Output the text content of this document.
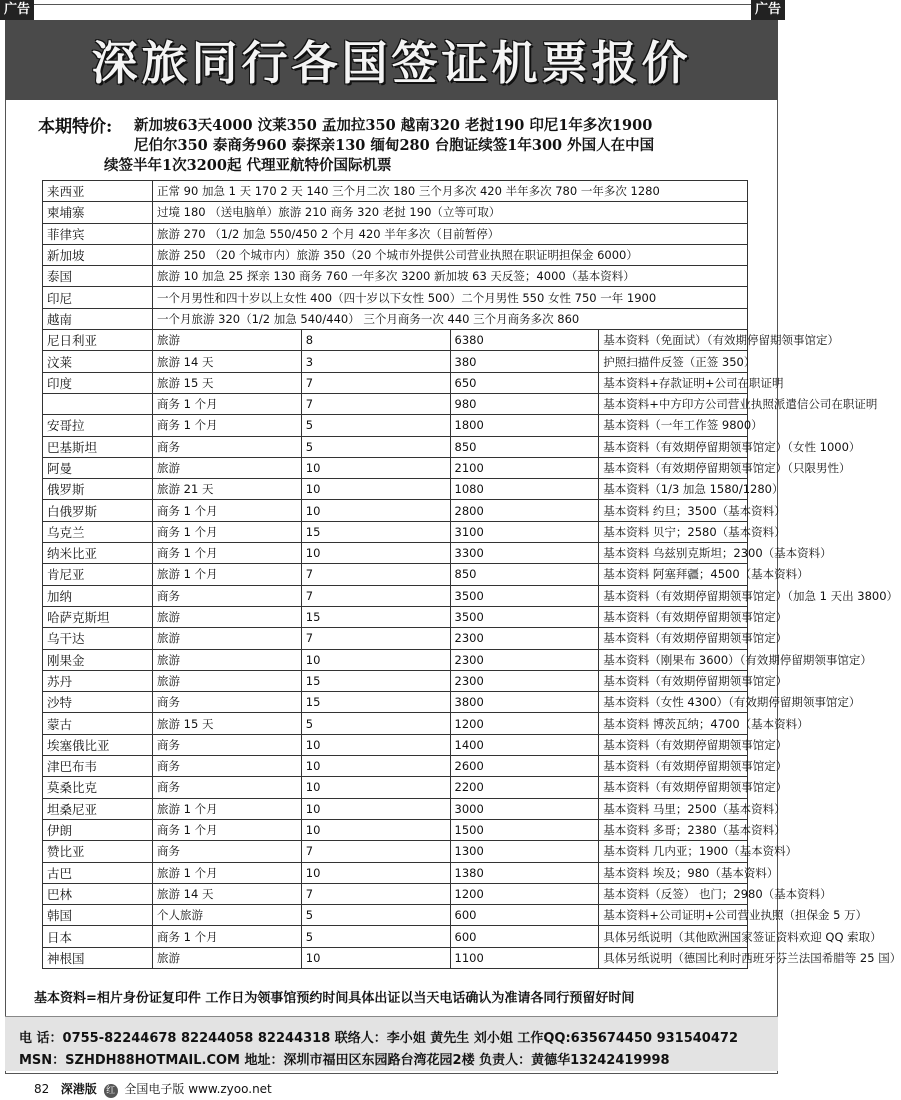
广告	广告
深旅同行各国签证机票报价
本期特价: 新加坡63天4000 汶莱350 孟加拉350 越南320 老挝190 印尼1年多次1900
尼伯尔350 泰商务960 泰探亲130 缅甸280 台胞证续签1年300 外国人在中国
续签半年1次3200起 代理亚航特价国际机票
来西亚	正常 90 加急 1 天 170 2 天 140 三个月二次 180 三个月多次 420 半年多次 780 一年多次 1280			
柬埔寨	过境 180 （送电脑单）旅游 210 商务 320 老挝 190（立等可取）			
菲律宾	旅游 270 （1/2 加急 550/450 2 个月 420 半年多次（目前暂停）			
新加坡	旅游 250 （20 个城市内）旅游 350（20 个城市外提供公司营业执照在职证明担保金 6000）			
泰国	旅游 10 加急 25 探亲 130 商务 760 一年多次 3200 新加坡 63 天反签；4000（基本资料）			
印尼	一个月男性和四十岁以上女性 400（四十岁以下女性 500）二个月男性 550 女性 750 一年 1900			
越南	一个月旅游 320（1/2 加急 540/440） 三个月商务一次 440 三个月商务多次 860			
尼日利亚	旅游	8	6380	基本资料（免面试）（有效期停留期领事馆定）
汶莱	旅游 14 天	3	380	护照扫描件反签（正签 350）
印度	旅游 15 天	7	650	基本资料+存款证明+公司在职证明
	商务 1 个月	7	980	基本资料+中方印方公司营业执照派遣信公司在职证明
安哥拉	商务 1 个月	5	1800	基本资料（一年工作签 9800）
巴基斯坦	商务	5	850	基本资料（有效期停留期领事馆定）（女性 1000）
阿曼	旅游	10	2100	基本资料（有效期停留期领事馆定）（只限男性）
俄罗斯	旅游 21 天	10	1080	基本资料（1/3 加急 1580/1280）
白俄罗斯	商务 1 个月	10	2800	基本资料 约旦；3500（基本资料）
乌克兰	商务 1 个月	15	3100	基本资料 贝宁；2580（基本资料）
纳米比亚	商务 1 个月	10	3300	基本资料 乌兹别克斯坦；2300（基本资料）
肯尼亚	旅游 1 个月	7	850	基本资料 阿塞拜疆；4500（基本资料）
加纳	商务	7	3500	基本资料（有效期停留期领事馆定）（加急 1 天出 3800）
哈萨克斯坦	旅游	15	3500	基本资料（有效期停留期领事馆定）
乌干达	旅游	7	2300	基本资料（有效期停留期领事馆定）
刚果金	旅游	10	2300	基本资料（刚果布 3600）（有效期停留期领事馆定）
苏丹	旅游	15	2300	基本资料（有效期停留期领事馆定）
沙特	商务	15	3800	基本资料（女性 4300）（有效期停留期领事馆定）
蒙古	旅游 15 天	5	1200	基本资料 博茨瓦纳；4700（基本资料）
埃塞俄比亚	商务	10	1400	基本资料（有效期停留期领事馆定）
津巴布韦	商务	10	2600	基本资料（有效期停留期领事馆定）
莫桑比克	商务	10	2200	基本资料（有效期停留期领事馆定）
坦桑尼亚	旅游 1 个月	10	3000	基本资料 马里；2500（基本资料）
伊朗	商务 1 个月	10	1500	基本资料 多哥；2380（基本资料）
赞比亚	商务	7	1300	基本资料 几内亚；1900（基本资料）
古巴	旅游 1 个月	10	1380	基本资料 埃及；980（基本资料）
巴林	旅游 14 天	7	1200	基本资料（反签） 也门；2980（基本资料）
韩国	个人旅游	5	600	基本资料+公司证明+公司营业执照（担保金 5 万）
日本	商务 1 个月	5	600	具体另纸说明（其他欧洲国家签证资料欢迎 QQ 索取）
神根国	旅游	10	1100	具体另纸说明（德国比利时西班牙芬兰法国希腊等 25 国）
基本资料=相片身份证复印件 工作日为领事馆预约时间具体出证以当天电话确认为准请各同行预留好时间
电 话：0755-82244678 82244058 82244318 联络人：李小姐 黄先生 刘小姐 工作QQ:635674450 931540472
MSN：SZHDH88HOTMAIL.COM 地址：深圳市福田区东园路台湾花园2楼 负责人：黄德华13242419998
82 深港版 红 全国电子版 www.zyoo.net
